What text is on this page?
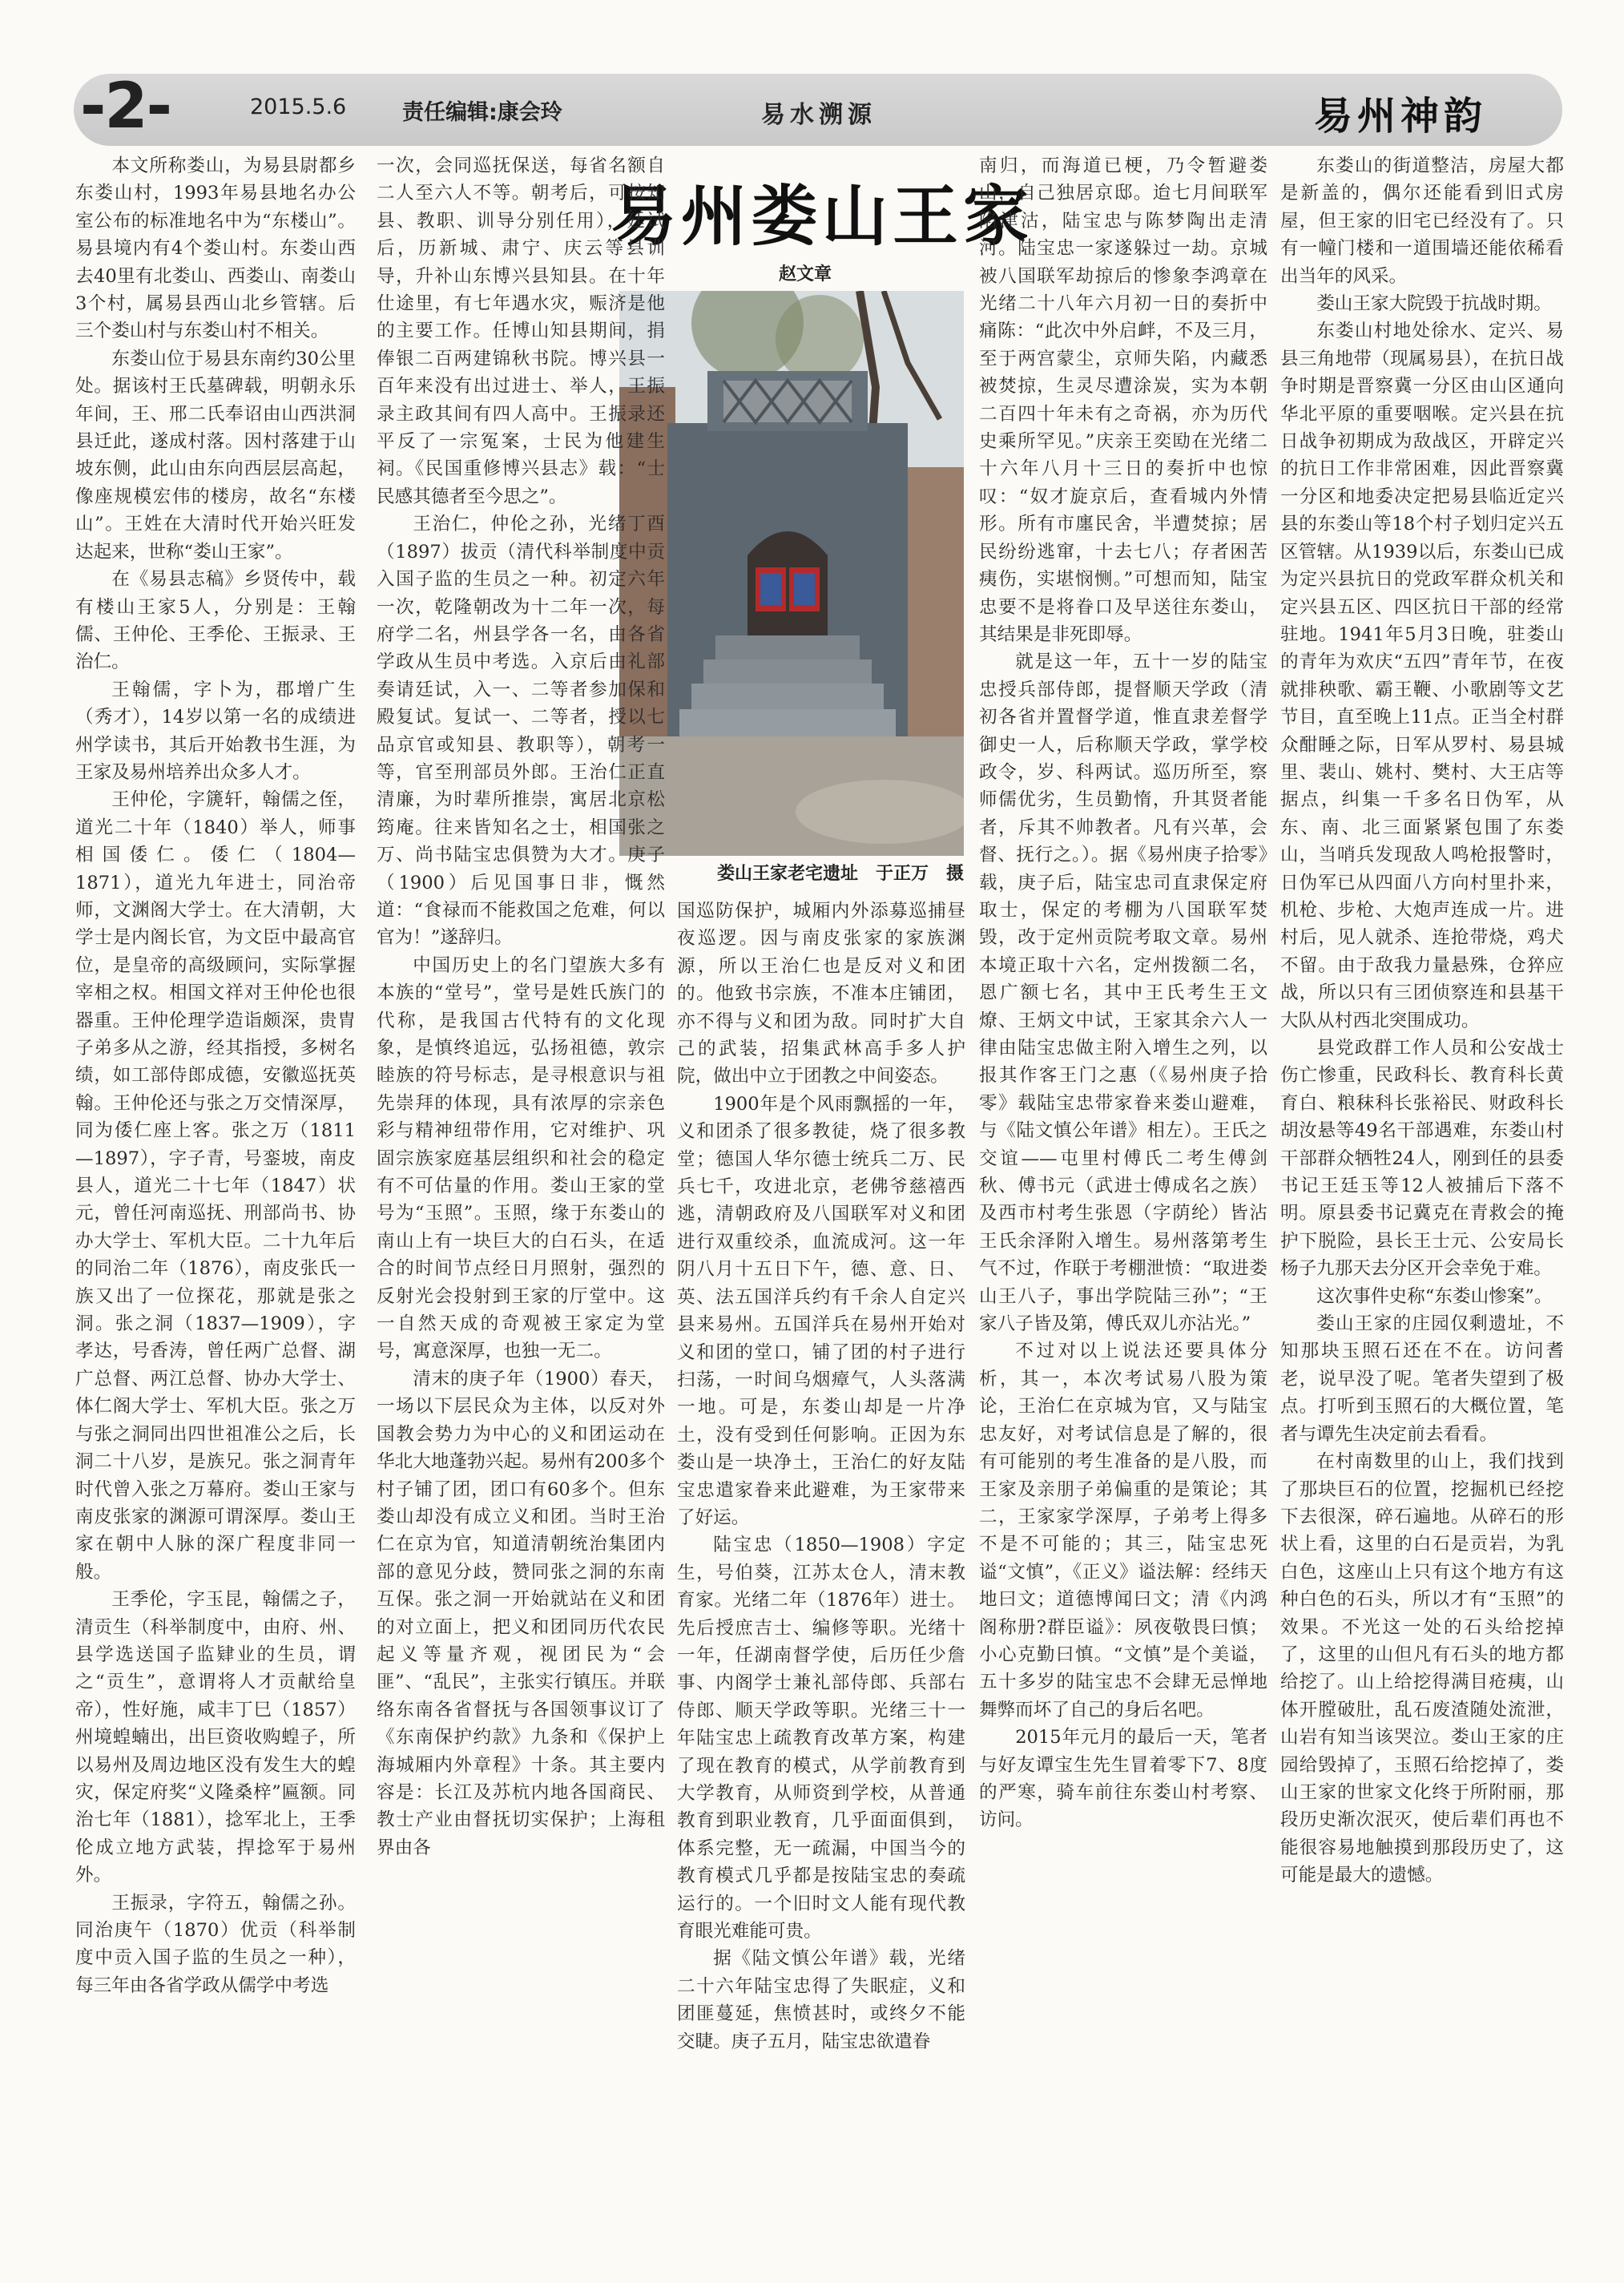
-2-	2015.5.6	责任编辑:康会玲	易水溯源	易州神韵
易州娄山王家
赵文章
娄山王家老宅遗址　于正万　摄

本文所称娄山，为易县尉都乡东娄山村，1993年易县地名办公室公布的标准地名中为“东楼山”。易县境内有4个娄山村。东娄山西去40里有北娄山、西娄山、南娄山3个村，属易县西山北乡管辖。后三个娄山村与东娄山村不相关。

东娄山位于易县东南约30公里处。据该村王氏墓碑载，明朝永乐年间，王、邢二氏奉诏由山西洪洞县迁此，遂成村落。因村落建于山坡东侧，此山由东向西层层高起，像座规模宏伟的楼房，故名“东楼山”。王姓在大清时代开始兴旺发达起来，世称“娄山王家”。

在《易县志稿》乡贤传中，载有楼山王家5人，分别是：王翰儒、王仲伦、王季伦、王振录、王治仁。

王翰儒，字卜为，郡增广生（秀才），14岁以第一名的成绩进州学读书，其后开始教书生涯，为王家及易州培养出众多人才。

王仲伦，字篪轩，翰儒之侄，道光二十年（1840）举人，师事相国倭仁。倭仁（1804—1871），道光九年进士，同治帝师，文渊阁大学士。在大清朝，大学士是内阁长官，为文臣中最高官位，是皇帝的高级顾问，实际掌握宰相之权。相国文祥对王仲伦也很器重。王仲伦理学造诣颇深，贵胄子弟多从之游，经其指授，多树名绩，如工部侍郎成德，安徽巡抚英翰。王仲伦还与张之万交情深厚，同为倭仁座上客。张之万（1811—1897），字子青，号銮坡，南皮县人，道光二十七年（1847）状元，曾任河南巡抚、刑部尚书、协办大学士、军机大臣。二十九年后的同治二年（1876），南皮张氏一族又出了一位探花，那就是张之洞。张之洞（1837—1909），字孝达，号香涛，曾任两广总督、湖广总督、两江总督、协办大学士、体仁阁大学士、军机大臣。张之万与张之洞同出四世祖准公之后，长洞二十八岁，是族兄。张之洞青年时代曾入张之万幕府。娄山王家与南皮张家的渊源可谓深厚。娄山王家在朝中人脉的深广程度非同一般。

王季伦，字玉昆，翰儒之子，清贡生（科举制度中，由府、州、县学选送国子监肄业的生员，谓之“贡生”，意谓将人才贡献给皇帝），性好施，咸丰丁巳（1857）州境蝗蝻出，出巨资收购蝗子，所以易州及周边地区没有发生大的蝗灾，保定府奖“义隆桑梓”匾额。同治七年（1881），捻军北上，王季伦成立地方武装，捍捻军于易州外。

王振录，字符五，翰儒之孙。同治庚午（1870）优贡（科举制度中贡入国子监的生员之一种），每三年由各省学政从儒学中考选

一次，会同巡抚保送，每省名额自二人至六人不等。朝考后，可按知县、教职、训导分别任用），廷试后，历新城、肃宁、庆云等县训导，升补山东博兴县知县。在十年仕途里，有七年遇水灾，赈济是他的主要工作。任博山知县期间，捐俸银二百两建锦秋书院。博兴县一百年来没有出过进士、举人，王振录主政其间有四人高中。王振录还平反了一宗冤案，士民为他建生祠。《民国重修博兴县志》载：“士民感其德者至今思之”。

王治仁，仲伦之孙，光绪丁酉（1897）拔贡（清代科举制度中贡入国子监的生员之一种。初定六年一次，乾隆朝改为十二年一次，每府学二名，州县学各一名，由各省学政从生员中考选。入京后由礼部奏请廷试，入一、二等者参加保和殿复试。复试一、二等者，授以七品京官或知县、教职等），朝考一等，官至刑部员外郎。王治仁正直清廉，为时辈所推崇，寓居北京松筠庵。往来皆知名之士，相国张之万、尚书陆宝忠俱赞为大才。庚子（1900）后见国事日非，慨然道：“食禄而不能救国之危难，何以官为！”遂辞归。

中国历史上的名门望族大多有本族的“堂号”，堂号是姓氏族门的代称，是我国古代特有的文化现象，是慎终追远，弘扬祖德，敦宗睦族的符号标志，是寻根意识与祖先崇拜的体现，具有浓厚的宗亲色彩与精神纽带作用，它对维护、巩固宗族家庭基层组织和社会的稳定有不可估量的作用。娄山王家的堂号为“玉照”。玉照，缘于东娄山的南山上有一块巨大的白石头，在适合的时间节点经日月照射，强烈的反射光会投射到王家的厅堂中。这一自然天成的奇观被王家定为堂号，寓意深厚，也独一无二。

清末的庚子年（1900）春天，一场以下层民众为主体，以反对外国教会势力为中心的义和团运动在华北大地蓬勃兴起。易州有200多个村子铺了团，团口有60多个。但东娄山却没有成立义和团。当时王治仁在京为官，知道清朝统治集团内部的意见分歧，赞同张之洞的东南互保。张之洞一开始就站在义和团的对立面上，把义和团同历代农民起义等量齐观，视团民为“会匪”、“乱民”，主张实行镇压。并联络东南各省督抚与各国领事议订了《东南保护约款》九条和《保护上海城厢内外章程》十条。其主要内容是：长江及苏杭内地各国商民、教士产业由督抚切实保护；上海租界由各

国巡防保护，城厢内外添募巡捕昼夜巡逻。因与南皮张家的家族渊源，所以王治仁也是反对义和团的。他致书宗族，不准本庄铺团，亦不得与义和团为敌。同时扩大自己的武装，招集武林高手多人护院，做出中立于团教之中间姿态。

1900年是个风雨飘摇的一年，义和团杀了很多教徒，烧了很多教堂；德国人华尔德士统兵二万、民兵七千，攻进北京，老佛爷慈禧西逃，清朝政府及八国联军对义和团进行双重绞杀，血流成河。这一年阴八月十五日下午，德、意、日、英、法五国洋兵约有千余人自定兴县来易州。五国洋兵在易州开始对义和团的堂口，铺了团的村子进行扫荡，一时间乌烟瘴气，人头落满一地。可是，东娄山却是一片净土，没有受到任何影响。正因为东娄山是一块净土，王治仁的好友陆宝忠遣家眷来此避难，为王家带来了好运。

陆宝忠（1850—1908）字定生，号伯葵，江苏太仓人，清末教育家。光绪二年（1876年）进士。先后授庶吉士、编修等职。光绪十一年，任湖南督学使，后历任少詹事、内阁学士兼礼部侍郎、兵部右侍郎、顺天学政等职。光绪三十一年陆宝忠上疏教育改革方案，构建了现在教育的模式，从学前教育到大学教育，从师资到学校，从普通教育到职业教育，几乎面面俱到，体系完整，无一疏漏，中国当今的教育模式几乎都是按陆宝忠的奏疏运行的。一个旧时文人能有现代教育眼光难能可贵。

据《陆文慎公年谱》载，光绪二十六年陆宝忠得了失眠症，义和团匪蔓延，焦愤甚时，或终夕不能交睫。庚子五月，陆宝忠欲遣眷

南归，而海道已梗，乃令暂避娄山，自己独居京邸。迨七月间联军陷津沽，陆宝忠与陈梦陶出走清河。陆宝忠一家遂躲过一劫。京城被八国联军劫掠后的惨象李鸿章在光绪二十八年六月初一日的奏折中痛陈：“此次中外启衅，不及三月，至于两宫蒙尘，京师失陷，内藏悉被焚掠，生灵尽遭涂炭，实为本朝二百四十年未有之奇祸，亦为历代史乘所罕见。”庆亲王奕劻在光绪二十六年八月十三日的奏折中也惊叹：“奴才旋京后，查看城内外情形。所有市廛民舍，半遭焚掠；居民纷纷逃窜，十去七八；存者困苦痍伤，实堪悯恻。”可想而知，陆宝忠要不是将眷口及早送往东娄山，其结果是非死即辱。

就是这一年，五十一岁的陆宝忠授兵部侍郎，提督顺天学政（清初各省并置督学道，惟直隶差督学御史一人，后称顺天学政，掌学校政令，岁、科两试。巡历所至，察师儒优劣，生员勤惰，升其贤者能者，斥其不帅教者。凡有兴革，会督、抚行之。）。据《易州庚子拾零》载，庚子后，陆宝忠司直隶保定府取士，保定的考棚为八国联军焚毁，改于定州贡院考取文章。易州本境正取十六名，定州拨额二名，恩广额七名，其中王氏考生王文燎、王炳文中试，王家其余六人一律由陆宝忠做主附入增生之列，以报其作客王门之惠（《易州庚子拾零》载陆宝忠带家眷来娄山避难，与《陆文慎公年谱》相左）。王氏之交谊——屯里村傅氏二考生傅剑秋、傅书元（武进士傅成名之族）及西市村考生张恩（字荫纶）皆沾王氏余泽附入增生。易州落第考生气不过，作联于考棚泄愤：“取进娄山王八子，事出学院陆三孙”；“王家八子皆及第，傅氏双儿亦沾光。”

不过对以上说法还要具体分析，其一，本次考试易八股为策论，王治仁在京城为官，又与陆宝忠友好，对考试信息是了解的，很有可能别的考生准备的是八股，而王家及亲朋子弟偏重的是策论；其二，王家家学深厚，子弟考上得多不是不可能的；其三，陆宝忠死谥“文慎”，《正义》谥法解：经纬天地曰文；道德博闻曰文；清《内鸿阁称册?群臣谥》：夙夜敬畏曰慎；小心克勤曰慎。“文慎”是个美谥，五十多岁的陆宝忠不会肆无忌惮地舞弊而坏了自己的身后名吧。

2015年元月的最后一天，笔者与好友谭宝生先生冒着零下7、8度的严寒，骑车前往东娄山村考察、访问。

东娄山的街道整洁，房屋大都是新盖的，偶尔还能看到旧式房屋，但王家的旧宅已经没有了。只有一幢门楼和一道围墙还能依稀看出当年的风采。

娄山王家大院毁于抗战时期。

东娄山村地处徐水、定兴、易县三角地带（现属易县），在抗日战争时期是晋察冀一分区由山区通向华北平原的重要咽喉。定兴县在抗日战争初期成为敌战区，开辟定兴的抗日工作非常困难，因此晋察冀一分区和地委决定把易县临近定兴县的东娄山等18个村子划归定兴五区管辖。从1939以后，东娄山已成为定兴县抗日的党政军群众机关和定兴县五区、四区抗日干部的经常驻地。1941年5月3日晚，驻娄山的青年为欢庆“五四”青年节，在夜就排秧歌、霸王鞭、小歌剧等文艺节目，直至晚上11点。正当全村群众酣睡之际，日军从罗村、易县城里、裴山、姚村、樊村、大王店等据点，纠集一千多名日伪军，从东、南、北三面紧紧包围了东娄山，当哨兵发现敌人鸣枪报警时，日伪军已从四面八方向村里扑来，机枪、步枪、大炮声连成一片。进村后，见人就杀、连抢带烧，鸡犬不留。由于敌我力量悬殊，仓猝应战，所以只有三团侦察连和县基干大队从村西北突围成功。

县党政群工作人员和公安战士伤亡惨重，民政科长、教育科长黄育白、粮秣科长张裕民、财政科长胡汝悬等49名干部遇难，东娄山村干部群众牺牲24人，刚到任的县委书记王廷玉等12人被捕后下落不明。原县委书记冀克在青救会的掩护下脱险，县长王士元、公安局长杨子九那天去分区开会幸免于难。

这次事件史称“东娄山惨案”。

娄山王家的庄园仅剩遗址，不知那块玉照石还在不在。访问耆老，说早没了呢。笔者失望到了极点。打听到玉照石的大概位置，笔者与谭先生决定前去看看。

在村南数里的山上，我们找到了那块巨石的位置，挖掘机已经挖下去很深，碎石遍地。从碎石的形状上看，这里的白石是贡岩，为乳白色，这座山上只有这个地方有这种白色的石头，所以才有“玉照”的效果。不光这一处的石头给挖掉了，这里的山但凡有石头的地方都给挖了。山上给挖得满目疮痍，山体开膛破肚，乱石废渣随处流泄，山岩有知当该哭泣。娄山王家的庄园给毁掉了，玉照石给挖掉了，娄山王家的世家文化终于所附丽，那段历史渐次泯灭，使后辈们再也不能很容易地触摸到那段历史了，这可能是最大的遗憾。
